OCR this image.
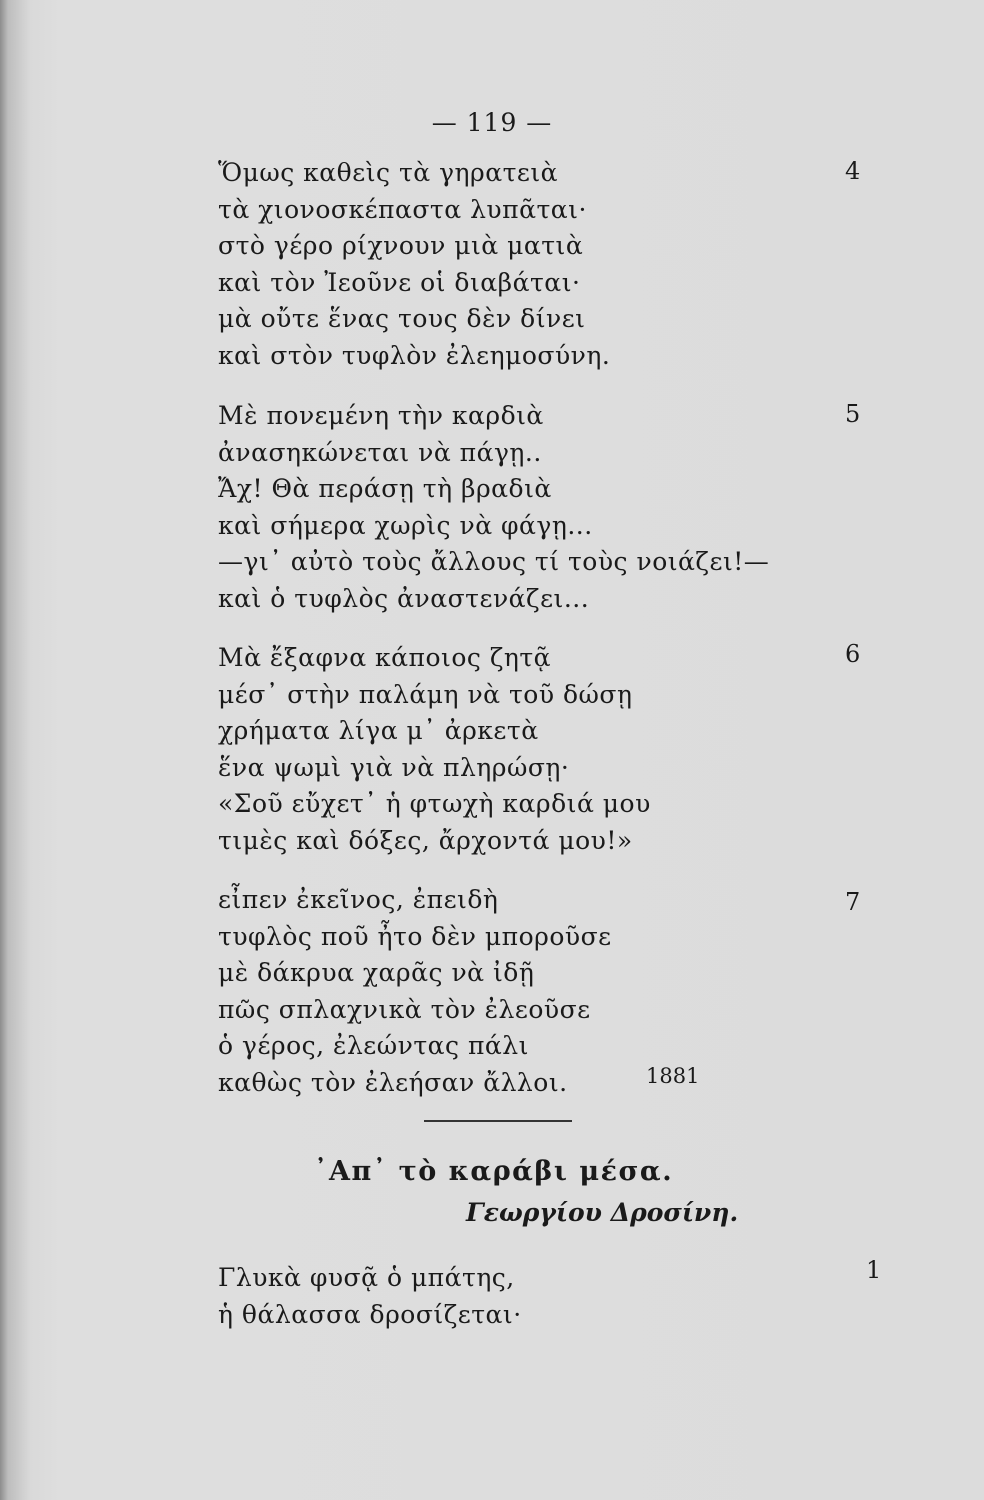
— 119 —
Ὅμως καθεὶς τὰ γηρατειὰ
τὰ χιονοσκέπαστα λυπᾶται·
στὸ γέρο ρίχνουν μιὰ ματιὰ
καὶ τὸν Ἰεοῦνε οἱ διαβάται·
μὰ οὔτε ἕνας τους δὲν δίνει
καὶ στὸν τυφλὸν ἐλεημοσύνη.
4
Μὲ πονεμένη τὴν καρδιὰ
ἀνασηκώνεται νὰ πάγῃ..
Ἄχ! Θὰ περάσῃ τὴ βραδιὰ
καὶ σήμερα χωρὶς νὰ φάγῃ...
—γι᾿ αὐτὸ τοὺς ἄλλους τί τοὺς νοιάζει!—
καὶ ὁ τυφλὸς ἀναστενάζει...
5
Μὰ ἔξαφνα κάποιος ζητᾷ
μέσ᾿ στὴν παλάμη νὰ τοῦ δώσῃ
χρήματα λίγα μ᾿ ἀρκετὰ
ἕνα ψωμὶ γιὰ νὰ πληρώσῃ·
«Σοῦ εὔχετ᾿ ἡ φτωχὴ καρδιά μου
τιμὲς καὶ δόξες, ἄρχοντά μου!»
6
εἶπεν ἐκεῖνος, ἐπειδὴ
τυφλὸς ποῦ ἦτο δὲν μποροῦσε
μὲ δάκρυα χαρᾶς νὰ ἰδῇ
πῶς σπλαχνικὰ τὸν ἐλεοῦσε
ὁ γέρος, ἐλεώντας πάλι
καθὼς τὸν ἐλεήσαν ἄλλοι.
7
1881
᾿Απ᾿ τὸ καράβι μέσα.
Γεωργίου Δροσίνη.
Γλυκὰ φυσᾷ ὁ μπάτης,
ἡ θάλασσα δροσίζεται·
1
